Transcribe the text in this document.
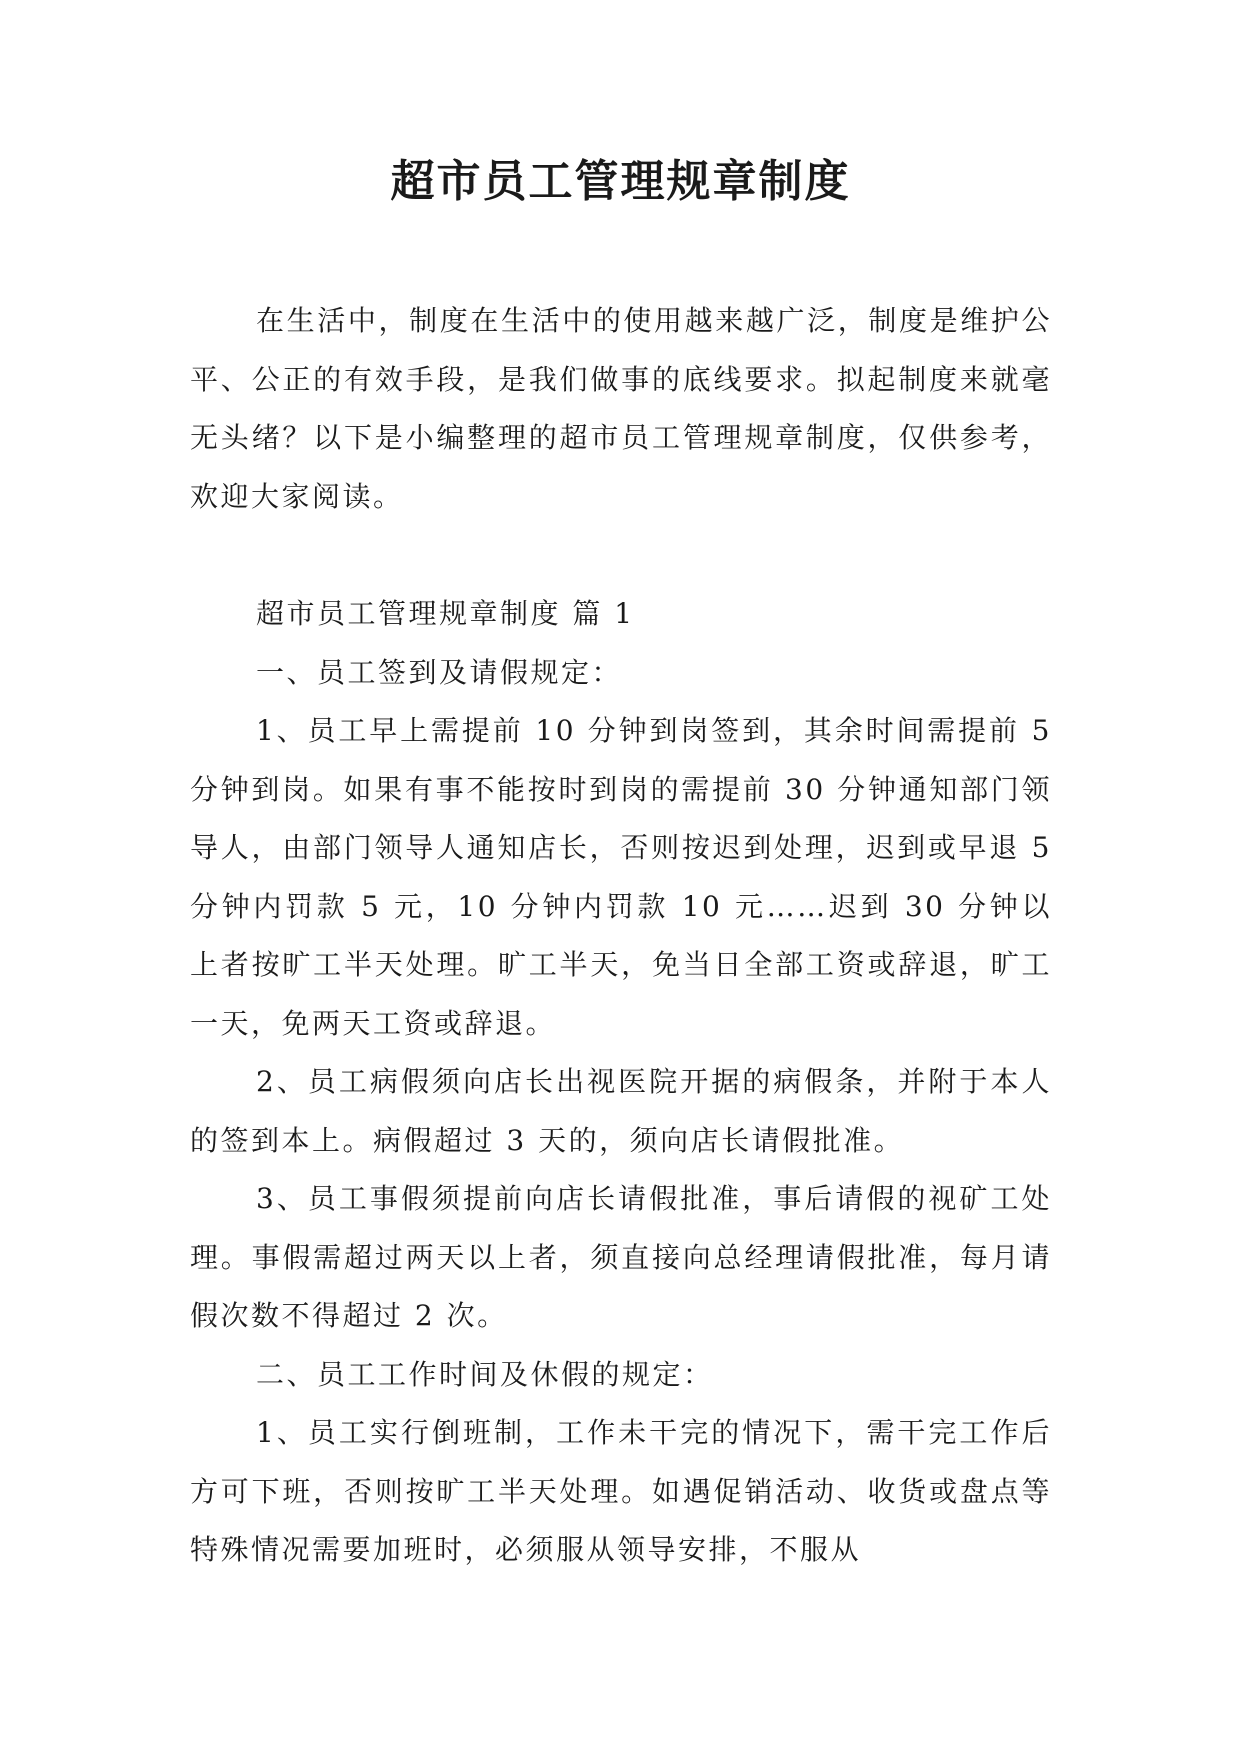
超市员工管理规章制度

在生活中，制度在生活中的使用越来越广泛，制度是维护公平、公正的有效手段，是我们做事的底线要求。拟起制度来就毫无头绪？以下是小编整理的超市员工管理规章制度，仅供参考，欢迎大家阅读。

超市员工管理规章制度 篇 1

一、员工签到及请假规定：

1、员工早上需提前 10 分钟到岗签到，其余时间需提前 5 分钟到岗。如果有事不能按时到岗的需提前 30 分钟通知部门领导人，由部门领导人通知店长，否则按迟到处理，迟到或早退 5 分钟内罚款 5 元，10 分钟内罚款 10 元……迟到 30 分钟以上者按旷工半天处理。旷工半天，免当日全部工资或辞退，旷工一天，免两天工资或辞退。

2、员工病假须向店长出视医院开据的病假条，并附于本人的签到本上。病假超过 3 天的，须向店长请假批准。

3、员工事假须提前向店长请假批准，事后请假的视矿工处理。事假需超过两天以上者，须直接向总经理请假批准，每月请假次数不得超过 2 次。

二、员工工作时间及休假的规定：

1、员工实行倒班制，工作未干完的情况下，需干完工作后方可下班，否则按旷工半天处理。如遇促销活动、收货或盘点等特殊情况需要加班时，必须服从领导安排，不服从
